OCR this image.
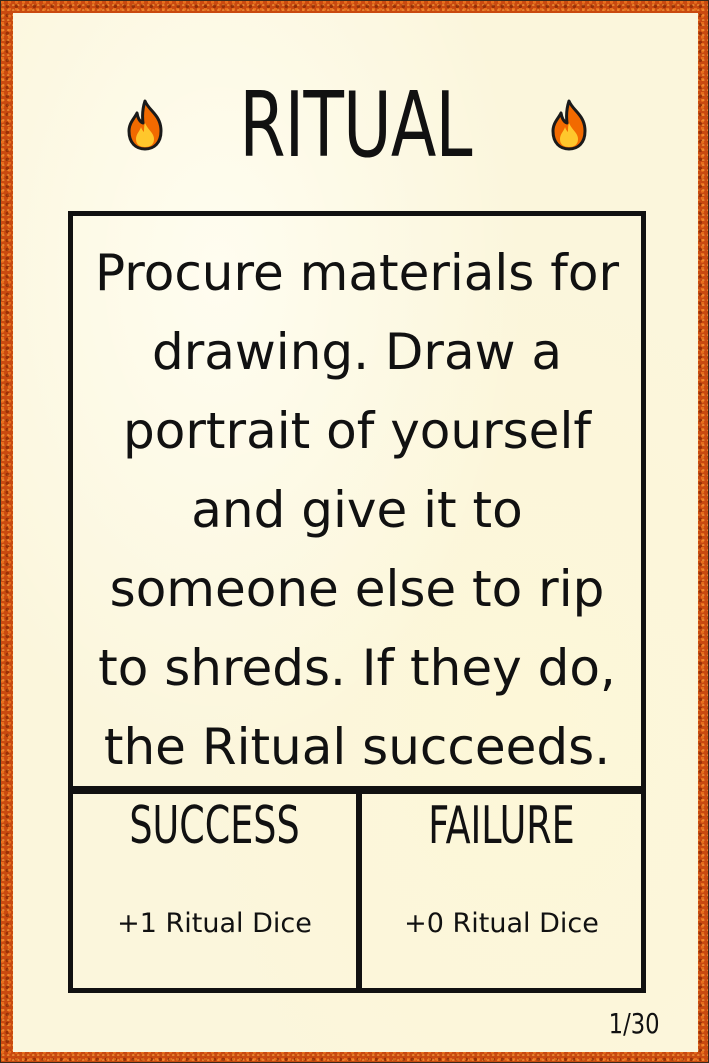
RITUAL
Procure materials for drawing. Draw a portrait of yourself and give it to someone else to rip to shreds. If they do, the Ritual succeeds.
SUCCESS
+1 Ritual Dice
FAILURE
+0 Ritual Dice
1/30
